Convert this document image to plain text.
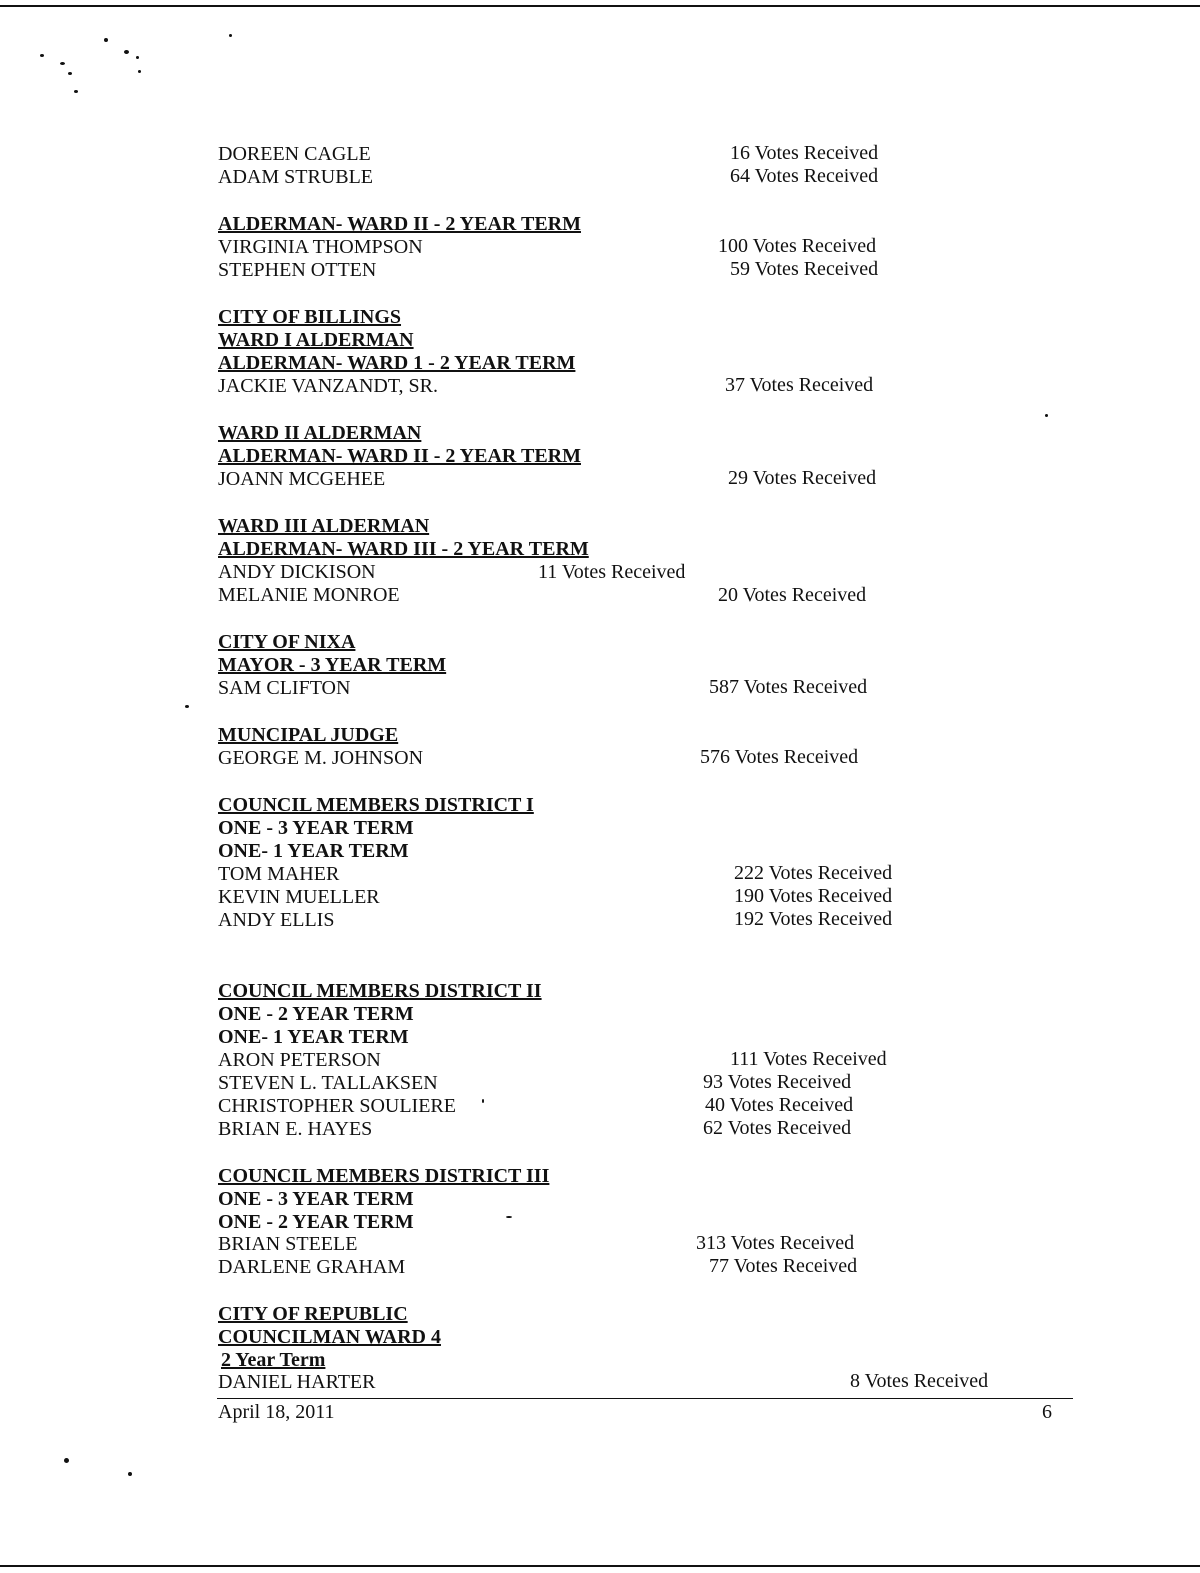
DOREEN CAGLE	16 Votes Received
ADAM STRUBLE	64 Votes Received
ALDERMAN- WARD II - 2 YEAR TERM
VIRGINIA THOMPSON	100 Votes Received
STEPHEN OTTEN	59 Votes Received
CITY OF BILLINGS
WARD I ALDERMAN
ALDERMAN- WARD 1 - 2 YEAR TERM
JACKIE VANZANDT, SR.	37 Votes Received
WARD II ALDERMAN
ALDERMAN- WARD II - 2 YEAR TERM
JOANN MCGEHEE	29 Votes Received
WARD III ALDERMAN
ALDERMAN- WARD III - 2 YEAR TERM
ANDY DICKISON	11 Votes Received
MELANIE MONROE	20 Votes Received
CITY OF NIXA
MAYOR - 3 YEAR TERM
SAM CLIFTON	587 Votes Received
MUNCIPAL JUDGE
GEORGE M. JOHNSON	576 Votes Received
COUNCIL MEMBERS DISTRICT I
ONE - 3 YEAR TERM
ONE- 1 YEAR TERM
TOM MAHER	222 Votes Received
KEVIN MUELLER	190 Votes Received
ANDY ELLIS	192 Votes Received
COUNCIL MEMBERS DISTRICT II
ONE - 2 YEAR TERM
ONE- 1 YEAR TERM
ARON PETERSON	111 Votes Received
STEVEN L. TALLAKSEN	93 Votes Received
CHRISTOPHER SOULIERE	40 Votes Received
BRIAN E. HAYES	62 Votes Received
COUNCIL MEMBERS DISTRICT III
ONE - 3 YEAR TERM
ONE - 2 YEAR TERM
BRIAN STEELE	313 Votes Received
DARLENE GRAHAM	77 Votes Received
CITY OF REPUBLIC
COUNCILMAN WARD 4
2 Year Term
DANIEL HARTER	8 Votes Received
April 18, 2011	6
